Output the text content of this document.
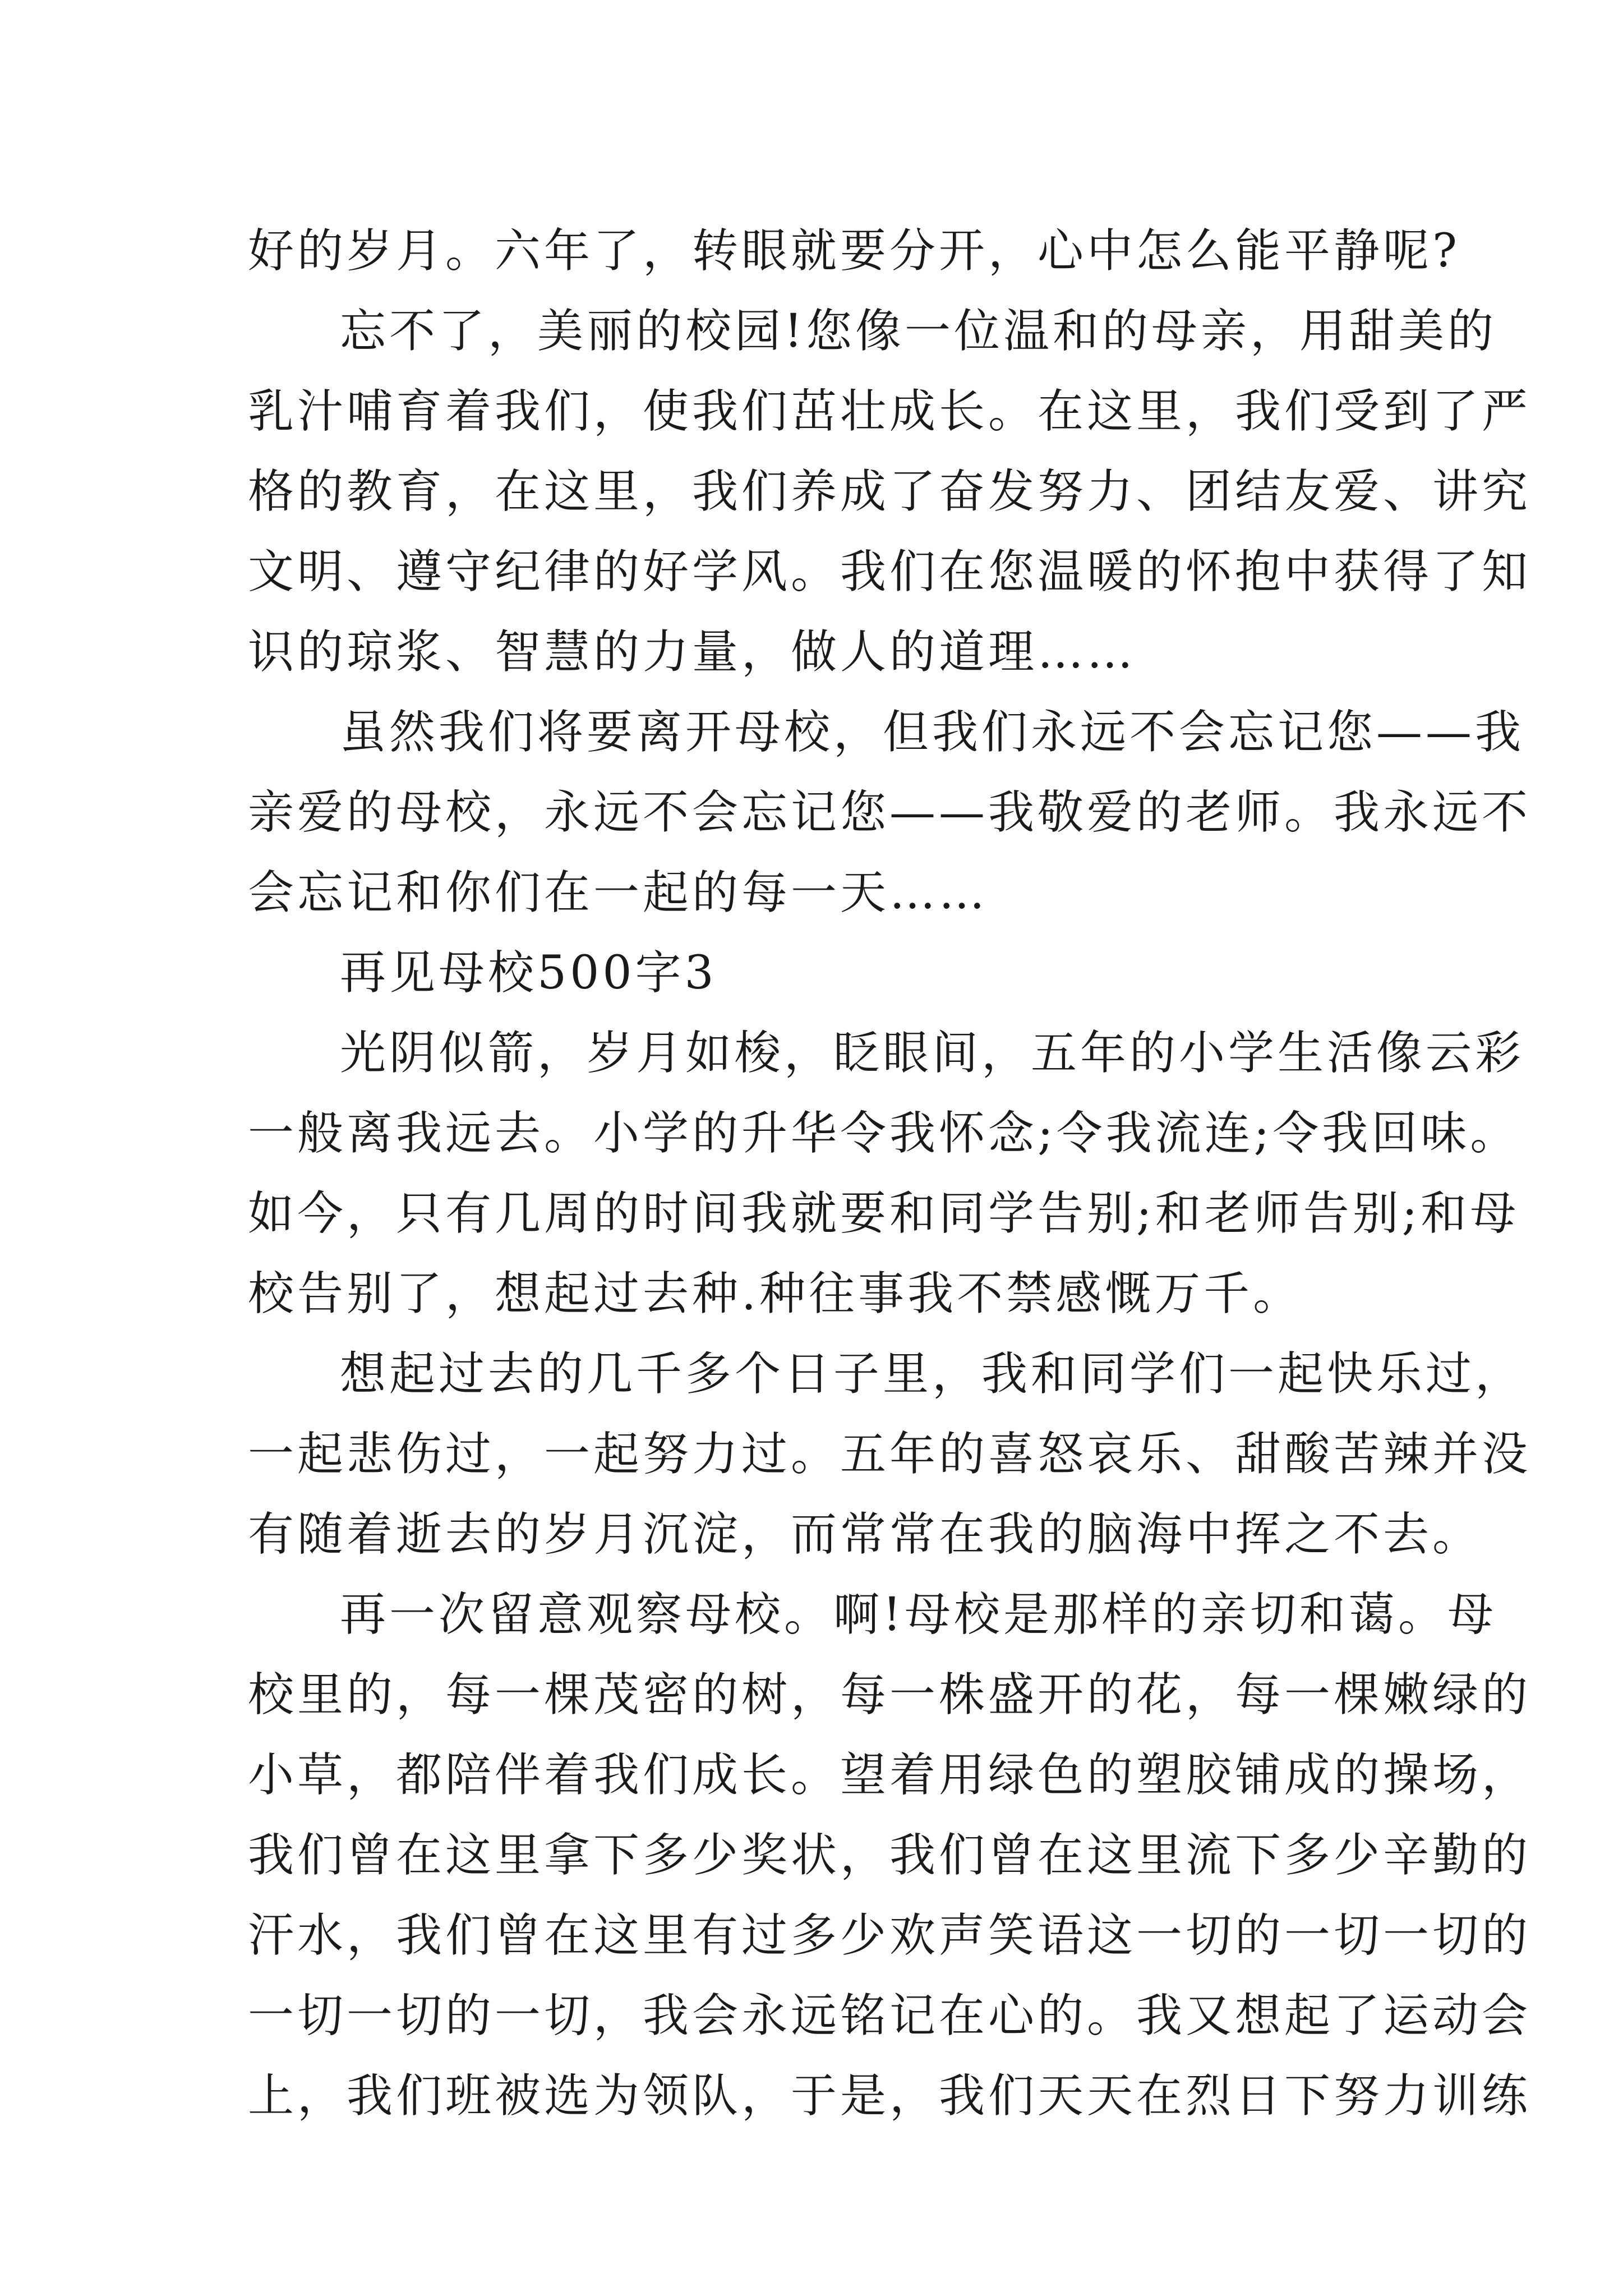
好的岁月。六年了，转眼就要分开，心中怎么能平静呢?
忘不了，美丽的校园!您像一位温和的母亲，用甜美的
乳汁哺育着我们，使我们茁壮成长。在这里，我们受到了严
格的教育，在这里，我们养成了奋发努力、团结友爱、讲究
文明、遵守纪律的好学风。我们在您温暖的怀抱中获得了知
识的琼浆、智慧的力量，做人的道理……
虽然我们将要离开母校，但我们永远不会忘记您——我
亲爱的母校，永远不会忘记您——我敬爱的老师。我永远不
会忘记和你们在一起的每一天……
再见母校500字3
光阴似箭，岁月如梭，眨眼间，五年的小学生活像云彩
一般离我远去。小学的升华令我怀念;令我流连;令我回味。
如今，只有几周的时间我就要和同学告别;和老师告别;和母
校告别了，想起过去种.种往事我不禁感慨万千。
想起过去的几千多个日子里，我和同学们一起快乐过，
一起悲伤过，一起努力过。五年的喜怒哀乐、甜酸苦辣并没
有随着逝去的岁月沉淀，而常常在我的脑海中挥之不去。
再一次留意观察母校。啊!母校是那样的亲切和蔼。母
校里的，每一棵茂密的树，每一株盛开的花，每一棵嫩绿的
小草，都陪伴着我们成长。望着用绿色的塑胶铺成的操场，
我们曾在这里拿下多少奖状，我们曾在这里流下多少辛勤的
汗水，我们曾在这里有过多少欢声笑语这一切的一切一切的
一切一切的一切，我会永远铭记在心的。我又想起了运动会
上，我们班被选为领队，于是，我们天天在烈日下努力训练
